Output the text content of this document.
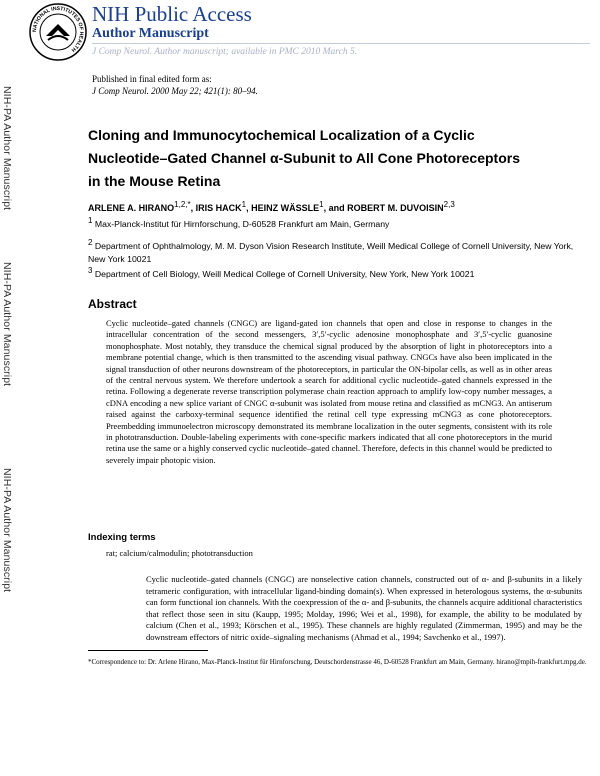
NIH-PA Author Manuscript
NIH-PA Author Manuscript
NIH-PA Author Manuscript
NATIONAL INSTITUTES OF HEALTH
NIH Public Access
Author Manuscript
J Comp Neurol. Author manuscript; available in PMC 2010 March 5.
Published in final edited form as:
J Comp Neurol. 2000 May 22; 421(1): 80–94.
Cloning and Immunocytochemical Localization of a Cyclic
Nucleotide–Gated Channel α-Subunit to All Cone Photoreceptors
in the Mouse Retina
ARLENE A. $HIRANO^{1,2,*}$, IRIS HACK$^1$, HEINZ WÄSSLE$^1$, and ROBERT M. DUVOISIN$^{2,3}$
$^1$ Max-Planck-Institut für Hirnforschung, D-60528 Frankfurt am Main, Germany
$^2$ Department of Ophthalmology, M. M. Dyson Vision Research Institute, Weill Medical College of Cornell University, New York, New York 10021
$^3$ Department of Cell Biology, Weill Medical College of Cornell University, New York, New York 10021
Abstract
Cyclic nucleotide–gated channels (CNGC) are ligand-gated ion channels that open and close in response to changes in the intracellular concentration of the second messengers, 3′,5′-cyclic adenosine monophosphate and 3′,5′-cyclic guanosine monophosphate. Most notably, they transduce the chemical signal produced by the absorption of light in photoreceptors into a membrane potential change, which is then transmitted to the ascending visual pathway. CNGCs have also been implicated in the signal transduction of other neurons downstream of the photoreceptors, in particular the ON-bipolar cells, as well as in other areas of the central nervous system. We therefore undertook a search for additional cyclic nucleotide–gated channels expressed in the retina. Following a degenerate reverse transcription polymerase chain reaction approach to amplify low-copy number messages, a cDNA encoding a new splice variant of CNGC α-subunit was isolated from mouse retina and classified as mCNG3. An antiserum raised against the carboxy-terminal sequence identified the retinal cell type expressing mCNG3 as cone photoreceptors. Preembedding immunoelectron microscopy demonstrated its membrane localization in the outer segments, consistent with its role in phototransduction. Double-labeling experiments with cone-specific markers indicated that all cone photoreceptors in the murid retina use the same or a highly conserved cyclic nucleotide–gated channel. Therefore, defects in this channel would be predicted to severely impair photopic vision.
Indexing terms
rat; calcium/calmodulin; phototransduction
Cyclic nucleotide–gated channels (CNGC) are nonselective cation channels, constructed out of α- and β-subunits in a likely tetrameric configuration, with intracellular ligand-binding domain(s). When expressed in heterologous systems, the α-subunits can form functional ion channels. With the coexpression of the α- and β-subunits, the channels acquire additional characteristics that reflect those seen in situ (Kaupp, 1995; Molday, 1996; Wei et al., 1998), for example, the ability to be modulated by calcium (Chen et al., 1993; Körschen et al., 1995). These channels are highly regulated (Zimmerman, 1995) and may be the downstream effectors of nitric oxide–signaling mechanisms (Ahmad et al., 1994; Savchenko et al., 1997).
*Correspondence to: Dr. Arlene Hirano, Max-Planck-Institut für Hirnforschung, Deutschordenstrasse 46, D-60528 Frankfurt am Main, Germany. hirano@mpih-frankfurt.mpg.de.
